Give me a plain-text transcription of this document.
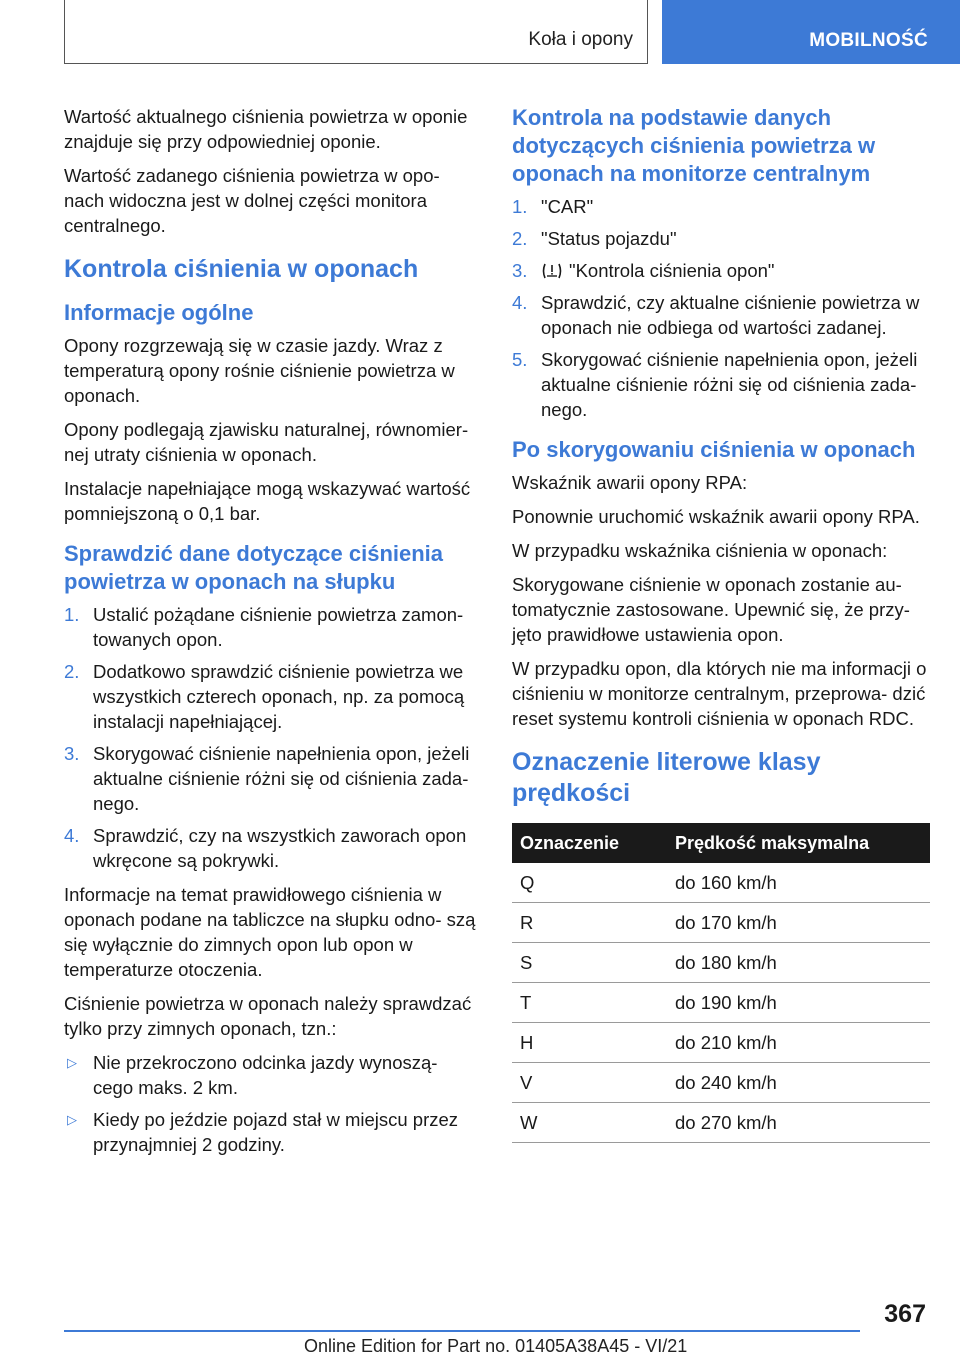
Koła i opony	MOBILNOŚĆ

Wartość aktualnego ciśnienia powietrza w oponie znajduje się przy odpowiedniej oponie.

Wartość zadanego ciśnienia powietrza w opo‐ nach widoczna jest w dolnej części monitora centralnego.

Kontrola ciśnienia w oponach
Informacje ogólne

Opony rozgrzewają się w czasie jazdy. Wraz z temperaturą opony rośnie ciśnienie powietrza w oponach.

Opony podlegają zjawisku naturalnej, równomier‐ nej utraty ciśnienia w oponach.

Instalacje napełniające mogą wskazywać wartość pomniejszoną o 0,1 bar.

Sprawdzić dane dotyczące ciśnienia powietrza w oponach na słupku
1. Ustalić pożądane ciśnienie powietrza zamon‐ towanych opon.
2. Dodatkowo sprawdzić ciśnienie powietrza we wszystkich czterech oponach, np. za pomocą instalacji napełniającej.
3. Skorygować ciśnienie napełnienia opon, jeżeli aktualne ciśnienie różni się od ciśnienia zada‐ nego.
4. Sprawdzić, czy na wszystkich zaworach opon wkręcone są pokrywki.

Informacje na temat prawidłowego ciśnienia w oponach podane na tabliczce na słupku odno‐ szą się wyłącznie do zimnych opon lub opon w temperaturze otoczenia.

Ciśnienie powietrza w oponach należy sprawdzać tylko przy zimnych oponach, tzn.:

▷ Nie przekroczono odcinka jazdy wynoszą‐ cego maks. 2 km.
▷ Kiedy po jeździe pojazd stał w miejscu przez przynajmniej 2 godziny.
Kontrola na podstawie danych dotyczących ciśnienia powietrza w oponach na monitorze centralnym
1. "CAR"
2. "Status pojazdu"
3. "Kontrola ciśnienia opon"
4. Sprawdzić, czy aktualne ciśnienie powietrza w oponach nie odbiega od wartości zadanej.
5. Skorygować ciśnienie napełnienia opon, jeżeli aktualne ciśnienie różni się od ciśnienia zada‐ nego.
Po skorygowaniu ciśnienia w oponach

Wskaźnik awarii opony RPA:

Ponownie uruchomić wskaźnik awarii opony RPA.

W przypadku wskaźnika ciśnienia w oponach:

Skorygowane ciśnienie w oponach zostanie au‐ tomatycznie zastosowane. Upewnić się, że przy‐ jęto prawidłowe ustawienia opon.

W przypadku opon, dla których nie ma informacji o ciśnieniu w monitorze centralnym, przeprowa‐ dzić reset systemu kontroli ciśnienia w oponach RDC.

Oznaczenie literowe klasy prędkości
Oznaczenie	Prędkość maksymalna
Q	do 160 km/h
R	do 170 km/h
S	do 180 km/h
T	do 190 km/h
H	do 210 km/h
V	do 240 km/h
W	do 270 km/h
367
Online Edition for Part no. 01405A38A45 - VI/21
